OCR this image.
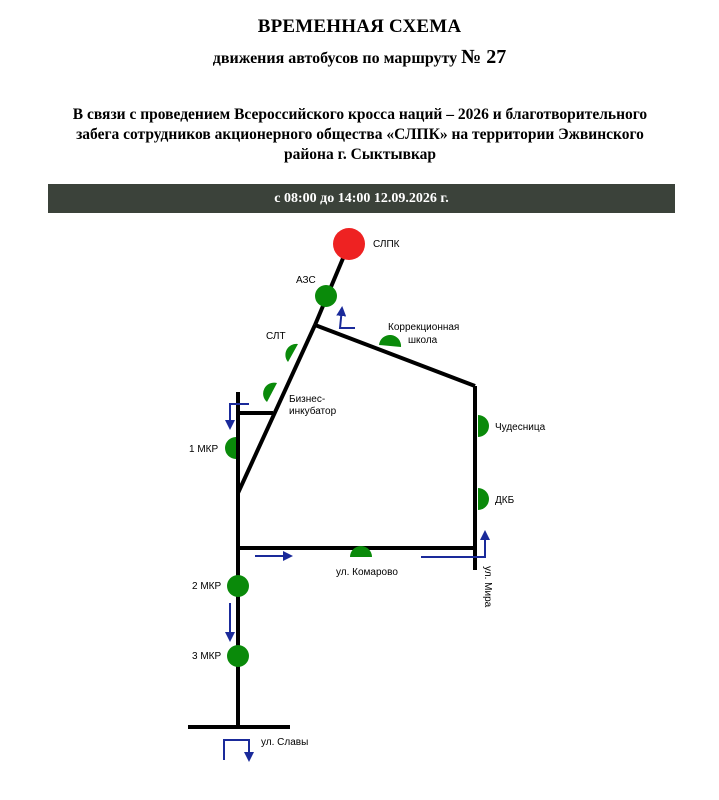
ВРЕМЕННАЯ СХЕМА
движения автобусов по маршруту № 27
В связи с проведением Всероссийского кросса наций – 2026 и благотворительного
забега сотрудников акционерного общества «СЛПК» на территории Эжвинского
района г. Сыктывкар
с 08:00 до 14:00 12.09.2026 г.
СЛПК
АЗС
СЛТ
Коррекционная
школа
Бизнес-
инкубатор
1 МКР
Чудесница
ДКБ
2 МКР
3 МКР
ул. Комарово	ул. Мира
ул. Славы
